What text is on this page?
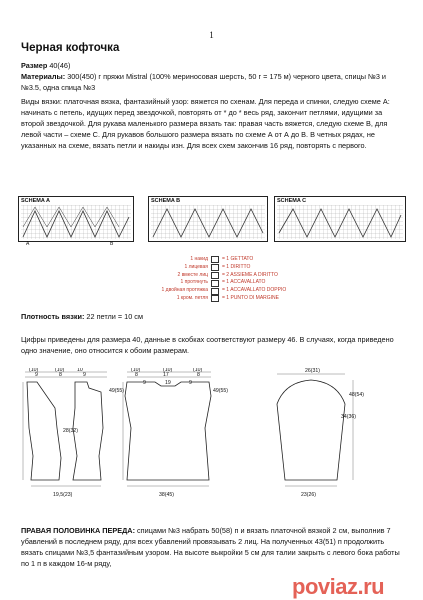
1
Черная кофточка
Размер 40(46)
Материалы: 300(450) г пряжи Mistral (100% мериносовая шерсть, 50 г = 175 м) черного цвета, спицы №3 и №3.5, одна спица №3
Виды вязки: платочная вязка, фантазийный узор: вяжется по схенам. Для переда и спинки, следую схеме А: начинать с петель, идущих перед звездочкой, повторять от * до * весь ряд, закончит петлями, идущими за второй звездочкой. Для рукава маленького размера вязать так: правая часть вяжется, следую схеме В, для левой части – схеме С. Для рукавов большого размера вязать по схеме А от А до В. В четных рядах, не указанных на схеме, вязать петли и накиды изн. Для всех схем закончив 16 ряд, повторять с первого.
SCHEMA A
A	B
SCHEMA B	SCHEMA C
1 накид	= 1 GETTATO
1 лицевая	= 1 DIRITTO
2 вместе лиц	= 2 ASSIEME A DIRITTO
1 протянуть	= 1 ACCAVALLATO
1 двойная протяжка	= 1 ACCAVALLATO DOPPIO
1 кром. петля	= 1 PUNTO DI MARGINE
Плотность вязки: 22 петли = 10 см
Цифры приведены для размера 40, данные в скобках соответствуют размеру 46. В случаях, когда приведено одно значение, оно относится к обоим размерам.
(10)	(10) 10
9	8	9
28(32)
19,5(23)
49(55)
(10)	(10)	(10)
8	17	8
9	19	9
49(55)
38(45)
26(31)
48(54)
34(36)
23(26)
ПРАВАЯ ПОЛОВИНКА ПЕРЕДА: спицами №3 набрать 50(58) п и вязать платочной вязкой 2 см, выполнив 7 убавлений в последнем ряду, для всех убавлений провязывать 2 лиц. На полученных 43(51) п продолжить вязать спицами №3,5 фантазийным узором. На высоте выкройки 5 см для талии закрыть с левого бока работы по 1 п в каждом 16-м ряду,
poviaz.ru
